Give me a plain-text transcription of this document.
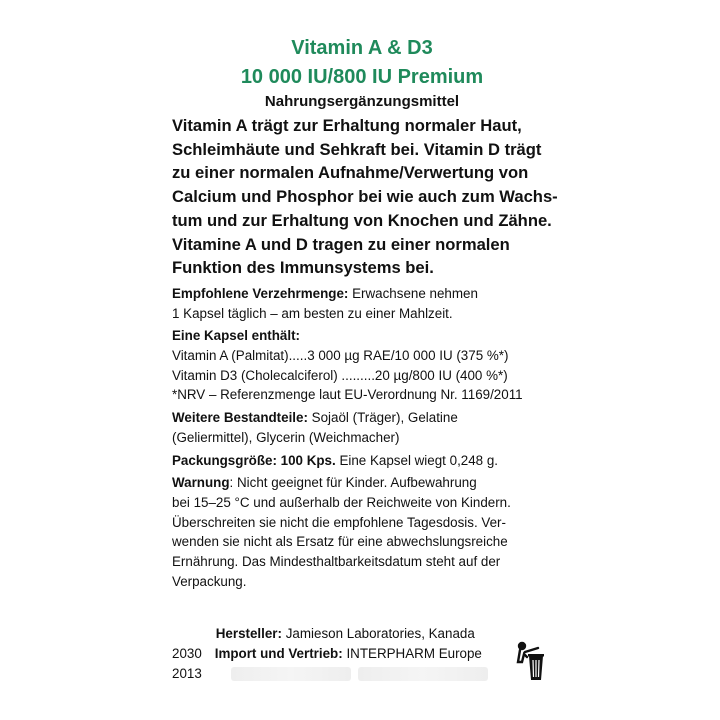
Vitamin A & D3

10 000 IU/800 IU Premium

Nahrungsergänzungsmittel

Vitamin A trägt zur Erhaltung normaler Haut,
Schleimhäute und Sehkraft bei. Vitamin D trägt
zu einer normalen Aufnahme/Verwertung von
Calcium und Phosphor bei wie auch zum Wachs-
tum und zur Erhaltung von Knochen und Zähne.
Vitamine A und D tragen zu einer normalen
Funktion des Immunsystems bei.
Empfohlene Verzehrmenge: Erwachsene nehmen
1 Kapsel täglich – am besten zu einer Mahlzeit.
Eine Kapsel enthält:
Vitamin A (Palmitat).....3 000 µg RAE/10 000 IU (375 %*)
Vitamin D3 (Cholecalciferol) .........20 µg/800 IU (400 %*)
*NRV – Referenzmenge laut EU-Verordnung Nr. 1169/2011
Weitere Bestandteile: Sojaöl (Träger), Gelatine
(Geliermittel), Glycerin (Weichmacher)
Packungsgröße: 100 Kps. Eine Kapsel wiegt 0,248 g.
Warnung: Nicht geeignet für Kinder. Aufbewahrung
bei 15–25 °C und außerhalb der Reichweite von Kindern.
Überschreiten sie nicht die empfohlene Tagesdosis. Ver-
wenden sie nicht als Ersatz für eine abwechslungsreiche
Ernährung. Das Mindesthaltbarkeitsdatum steht auf der
Verpackung.
Hersteller: Jamieson Laboratories, Kanada
2030 Import und Vertrieb: INTERPHARM Europe
2013
